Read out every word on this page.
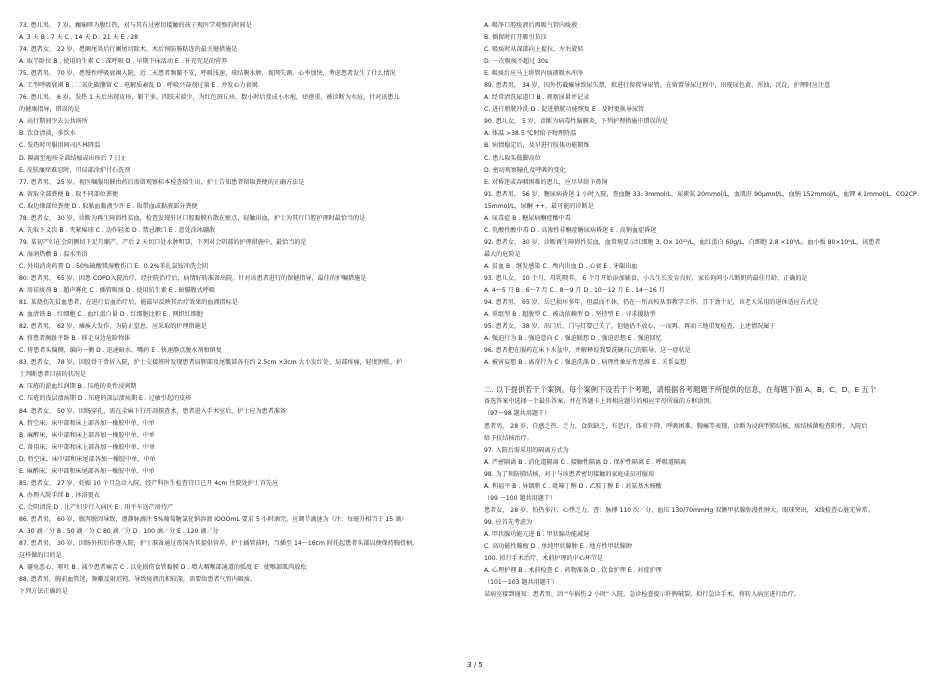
73. 患儿男， 7 岁，癫痫哮为腹红热，对与其有过密切接触的孩子观医学观察的时间是
A. 3 天 B . 7 天 C . 14 天 D . 21 天 E . 28
74. 患者女， 22 岁，患阑尾炎后行阑尾切除术，术后预防肠粘连的最关键措施是
A. 取半卧位 B . 使用的生素 C . 深呼吸 D . 早期下床活动 E . 补充充足的营养
75. 患者男， 70 岁，患慢性呼吸衰竭入院，近二天患者频繁不安，呼吸浅速，球结膜水肿，视网失调，心率加快，考虑患者发生了什么情况
A. 工型呼吸衰竭 B . 二氧化碳潴留 C . 电解质紊乱 D . 呼吸兴奋剂过量 E . 并发心力衰竭
76. 患儿男， 6 岁，发热 1 天后出现皮疹，躯干多，四肢末端少，为红色斑丘疹，数小时后变成小水疱，痒感重，被诊断为水痘，针对该患儿
的健康指导，错误的是
A. 高行期间少去公共场所
B. 饮食清淡，多饮水
C. 发热时可服用阿司匹林降温
D. 隔离至疱疹全部结痂或出疹后 7 日止
E. 皮肤瘙痒难忍时，可局部涂炉甘石洗剂
77. 患者男， 25 岁，视医嘱服用催由药后需留观察标本检查给生出，护士告知患者留取粪便的正确方法是
A. 留取全部粪便 B . 取不同部位粪便
C. 取边缘部位粪便 D . 取脓血黏液少许 E . 取带血或黏液部分粪便
78. 患者女， 30 岁，诊断为再生障碍性贫血，检查发现肝区口腔黏膜有散在瘀点，轻触出血，护士为其行口腔护理时最恰当的是
A. 先取下义齿 B . 夹紧棉球 C . 动作轻柔 D . 禁忌漱口 E . 意处涂冰硼散
79. 某初产妇在会阴侧切下足月顺产，产后 2 天切口处水肿明显，下列对会阴部的护理措施中，最恰当的是
A. 湿润热敷 B . 温水坐浴
C. 外用消炎药膏 D . 50%硫酸镁湿敷伤口 E . 0.2%苯扎氯铵冲洗会阴
80. 患者男， 65 岁，因患 COPD入院治疗，经住院治疗后，病情好转准备出院。针对该患者进行的保健指导，最佳的护嘱措施是
A. 用祛痰剂 B . 超声雾化 C . 插管吸痰 D . 使用抗生素 E . 暗膈腹式呼吸
81. 某烧伤先贫血患者，在进行贫血治疗后，能最早反映其治疗效果的血液指标是
A. 血清铁 B . 红细胞 C . 血红蛋白量 D . 红细胞比积 E . 网织红细胞
82. 患者男， 62 岁，瘫痪大发作，为防止窒息，应采取的护理措施是
A. 将患者腕趾平卧 B . 移走身边危险物体
C. 将患者头偏侧，偏向一侧 D . 迅速暗水，嘴药 E . 快速静点脱水剂和镇复
83. 患者女， 78 岁，因股骨干骨折入院，护士交接班时发现患者肩胛部及尾骶部各有约 2.5cm ×3cm 大小发红处，局部疼痛，轻度肿胀，护
士判断患者目前的状况是
A. 压疮的淤血红润期 B . 压疮的炎性浸润期
C. 压疮的浅层溃疡期 D . 压疮的深层溃疡期 E . 过敏引起的皮疹
84. 患者女， 50 岁，因肠穿孔，需在全麻下行开剖探查术，患者进入手术室后，护士应为患者准备
A. 暂空床，床中部和床上部各加一橡胶中单、中单
B. 麻醉床，床中部和床上部各加一橡胶中单、中单
C. 备用床，床中部和床上部各加一橡胶中单、中单
D. 暂空床，床中部和床尾部各加一橡胶中单、中单
E. 麻醉床，床中部和床尾部各加一橡胶中单、中单
85. 患者女， 27 岁，妊娠 10 个月急诊入院，经产科医生检查宫口已开 4cm 住院处护士首先应
A. 办理入院手续 B . 沐浴更衣
C. 会阴清洗 D . 让产妇步行入病区 E . 用平车送产房待产
86. 患者男， 60 岁，腹泻脱因导致，遵静脉滴注 5%葡萄糖氯化钠溶液 IOOOmL 要求 5 小时滴完，应调节滴速为（注：每毫升相当于 15 滴）
A. 30 滴／分 B . 50 滴／分 C 80 滴／分 D . 100 滴／分 E . 120 滴／分
87. 患者男， 30 岁，因肠外伤后作逐入院，护士准备通过鼻饲为其提供营养，护士插管前时，当插至 14～16cm 时托起患者头部以便保持胸骨柄，
这样做的目的是
A. 避免恶心、呕吐 B . 减少患者痛苦 C . 以免损伤食管黏膜 D . 增大咽喉部通道的弧度 E . 使喉部肌肉放松
88. 患者男，胸前血管迷，频嗽反射迟钝，导致痰液沉积较深，需要给患者气管内吸痰。
下列方法正确的是
A. 吸净口腔痰液后再吸气管内痰液
B. 插留时打开吸引负压
C. 吸痰时从深部向上提拉，左右旋转
D. 一次吸痰不超过 30s
E. 吸痰后应马上将管内痰液吸水冲净
89. 患者男， 34 岁，因外伤截瘫导致尿失禁，拟进行留置导尿管。在留置导尿过程中，出现尿色黄、浑浊、沉淀，护理时应注意
A. 经常清洗尿道口 B . 观察尿量并记录
C. 进行膀胱冲洗 D . 促进膀胱功能恢复 E . 及时更换导尿管
90. 患儿女， 5 岁，诊断为病毒性脑膜炎，下列护理措施中错误的是
A. 体温 >38.5 ℃时给予物理降温
B. 病情稳定后，及早进行肢体功能锻炼
C. 患儿取头低脚高位
D. 密切观察瞳孔及呼吸的变化
E. 对昏迷或吞咽困难的患儿，应尽早给予鼻饲
91. 患者男， 56 岁，糖尿病昏迷 1 小时入院，查血糖 33. 3mmol/L，尿素氮 20mmol/L，血肌肝 90μmol/L，血钠 152mmol/L，血钾 4.1mmol/L，CO2CP
15mmol/L，尿酮 ++。最可能的诊断是
A. 尿毒症 B . 糖尿病酮症酸中毒
C. 乳酸性酸中毒 D . 高渗性非酮症糖尿病昏迷 E . 高钠血症昏迷
92. 患者女， 30 岁，诊断再生障碍性贫血，血常规显示红细胞 3. O× 10¹²/L，血红蛋白 60g/L，白细胞 2.8 ×10⁹/L，血小板 80×10⁹/L，该患者
最大的危险是
A. 贫血 B . 继发感染 C . 颅内出血 D . 心衰 E . 牙龈出血
93. 患儿女， 10 个月，母乳喂养。 6 个月开始添加辅食，小儿生长发育良好，家长询问小儿断奶的最佳月龄，正确的是
A. 4～5 月 B . 6～7 月 C . 8～9 月 D . 10～12 月 E . 14～16 月
94. 患者男， 65 岁，岳已损坏多年，但温而不休，仍在一所高校从事教学工作，且干劲十足，该老人采用的退休适应方式是
A. 重组型 B . 超脱型 C . 被动依赖型 D . 坚持型 E . 寻求援助型
95. 患者女， 38 岁，出门后，门与灯要已关了，但她仍不放心，一而再、再而三地重复检查，上述情况属于
A. 强迫行为 B . 强迫意向 C . 强迫联想 D . 强迫思想 E . 强迫回忆
96. 患者把在服药在床下水盆中，并解释说我要洗碗自己的鞋导，这一症状是
A. 被害妄想 B . 离奇行为 C . 强迫洗涤 D . 病理性象征性思维 E . 关系妄想
二. 以下提供若干个案例，每个案例下设若干个考题，请根据各考题题干所提供的信息，在每题下面 A、B、C、D、E 五个
备选答案中选择一个最佳答案，并在答题卡上将相应题号的相应字母所属的方框涂黑。
（97～98 题共用题干）
患者男， 28 岁，自感乏热、乏力，食欲缺乏，有恶汗，体重下降，呼吸困难、胸痛等表现，诊断为浸润型肺结核，痰结核菌检查阳性，入院后
给予抗结核治疗。
97. 入院后需采用的隔离方式为
A. 严密隔离 B . 消化道隔离 C . 接触性隔离 D . 保护性隔离 E . 呼吸道隔离
98. 为了预防肺结核，对于与该患者密切接触的家庭成员可服用
A. 利福平 B . 异烟肼 C . 吡嗪丁醇 D . 乙胺丁醇 E . 对氨基水杨酸
（99 ～100 题共用题干）
患者女， 28 岁，怕热多汗，心悸乏力，查：脉搏 110 次／分，血压 130/70mmHg 双侧甲状腺弥漫性肿大，眼球突出， X线检查心脏无异常。
99. 应首先考虑为
A. 甲状腺功能亢进 B . 甲状腺功能减退
C. 高功能性腺瘤 D . 单纯甲状腺肿 E . 地方性甲状腺肿
100. 拟行手术治疗，术前护理的中心环节是
A. 心理护理 B . 术前检查 C . 药物准备 D . 饮食护理 E . 对症护理
（101～103 题共用题干）
某病室接到通知：患者男，因 "车祸伤 2 小时" 入院，急诊检查提示肝脾破裂，拟行急诊手术，将转入病室进行治疗。
3 / 5
